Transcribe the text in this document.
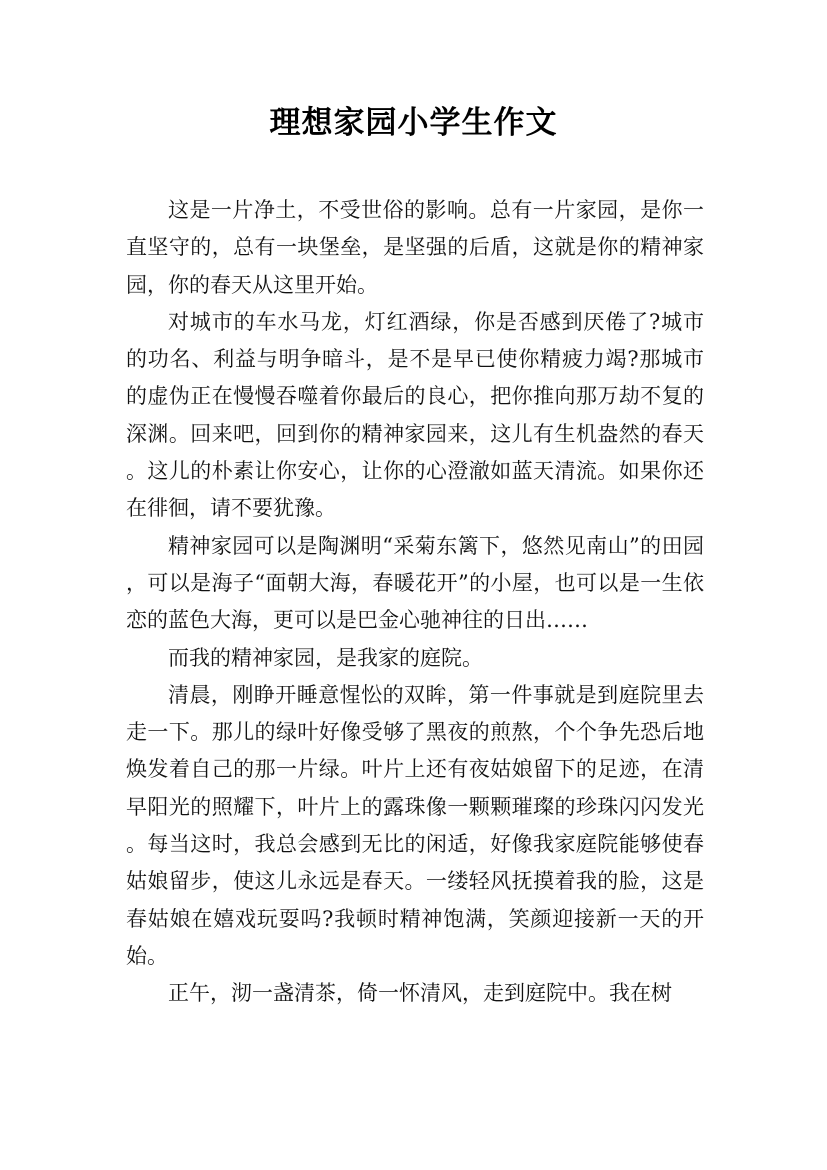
理想家园小学生作文

这是一片净土，不受世俗的影响。总有一片家园，是你一直坚守的，总有一块堡垒，是坚强的后盾，这就是你的精神家园，你的春天从这里开始。

对城市的车水马龙，灯红酒绿，你是否感到厌倦了?城市的功名、利益与明争暗斗，是不是早已使你精疲力竭?那城市的虚伪正在慢慢吞噬着你最后的良心，把你推向那万劫不复的深渊。回来吧，回到你的精神家园来，这儿有生机盎然的春天。这儿的朴素让你安心，让你的心澄澈如蓝天清流。如果你还在徘徊，请不要犹豫。

精神家园可以是陶渊明“采菊东篱下，悠然见南山”的田园，可以是海子“面朝大海，春暖花开”的小屋，也可以是一生依恋的蓝色大海，更可以是巴金心驰神往的日出……

而我的精神家园，是我家的庭院。

清晨，刚睁开睡意惺忪的双眸，第一件事就是到庭院里去走一下。那儿的绿叶好像受够了黑夜的煎熬，个个争先恐后地焕发着自己的那一片绿。叶片上还有夜姑娘留下的足迹，在清早阳光的照耀下，叶片上的露珠像一颗颗璀璨的珍珠闪闪发光。每当这时，我总会感到无比的闲适，好像我家庭院能够使春姑娘留步，使这儿永远是春天。一缕轻风抚摸着我的脸，这是春姑娘在嬉戏玩耍吗?我顿时精神饱满，笑颜迎接新一天的开始。

正午，沏一盏清茶，倚一怀清风，走到庭院中。我在树
